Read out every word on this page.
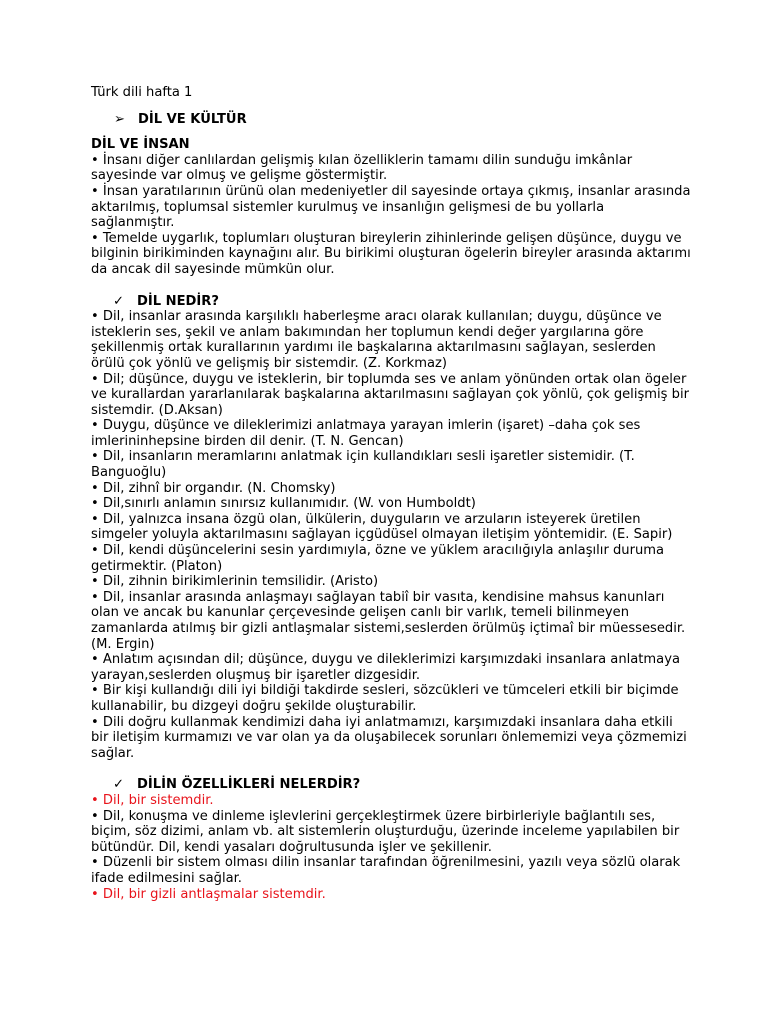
Türk dili hafta 1

➢ DİL VE KÜLTÜR

DİL VE İNSAN

• İnsanı diğer canlılardan gelişmiş kılan özelliklerin tamamı dilin sunduğu imkânlar sayesinde var olmuş ve gelişme göstermiştir.

• İnsan yaratılarının ürünü olan medeniyetler dil sayesinde ortaya çıkmış, insanlar arasında aktarılmış, toplumsal sistemler kurulmuş ve insanlığın gelişmesi de bu yollarla sağlanmıştır.

• Temelde uygarlık, toplumları oluşturan bireylerin zihinlerinde gelişen düşünce, duygu ve bilginin birikiminden kaynağını alır. Bu birikimi oluşturan ögelerin bireyler arasında aktarımı da ancak dil sayesinde mümkün olur.

✓ DİL NEDİR?

• Dil, insanlar arasında karşılıklı haberleşme aracı olarak kullanılan; duygu, düşünce ve isteklerin ses, şekil ve anlam bakımından her toplumun kendi değer yargılarına göre şekillenmiş ortak kurallarının yardımı ile başkalarına aktarılmasını sağlayan, seslerden örülü çok yönlü ve gelişmiş bir sistemdir. (Z. Korkmaz)

• Dil; düşünce, duygu ve isteklerin, bir toplumda ses ve anlam yönünden ortak olan ögeler ve kurallardan yararlanılarak başkalarına aktarılmasını sağlayan çok yönlü, çok gelişmiş bir sistemdir. (D.Aksan)

• Duygu, düşünce ve dileklerimizi anlatmaya yarayan imlerin (işaret) –daha çok ses imlerininhepsine birden dil denir. (T. N. Gencan)

• Dil, insanların meramlarını anlatmak için kullandıkları sesli işaretler sistemidir. (T. Banguoğlu)

• Dil, zihnî bir organdır. (N. Chomsky)

• Dil,sınırlı anlamın sınırsız kullanımıdır. (W. von Humboldt)

• Dil, yalnızca insana özgü olan, ülkülerin, duyguların ve arzuların isteyerek üretilen simgeler yoluyla aktarılmasını sağlayan içgüdüsel olmayan iletişim yöntemidir. (E. Sapir)

• Dil, kendi düşüncelerini sesin yardımıyla, özne ve yüklem aracılığıyla anlaşılır duruma getirmektir. (Platon)

• Dil, zihnin birikimlerinin temsilidir. (Aristo)

• Dil, insanlar arasında anlaşmayı sağlayan tabiî bir vasıta, kendisine mahsus kanunları olan ve ancak bu kanunlar çerçevesinde gelişen canlı bir varlık, temeli bilinmeyen zamanlarda atılmış bir gizli antlaşmalar sistemi,seslerden örülmüş içtimaî bir müessesedir. (M. Ergin)

• Anlatım açısından dil; düşünce, duygu ve dileklerimizi karşımızdaki insanlara anlatmaya yarayan,seslerden oluşmuş bir işaretler dizgesidir.

• Bir kişi kullandığı dili iyi bildiği takdirde sesleri, sözcükleri ve tümceleri etkili bir biçimde kullanabilir, bu dizgeyi doğru şekilde oluşturabilir.

• Dili doğru kullanmak kendimizi daha iyi anlatmamızı, karşımızdaki insanlara daha etkili bir iletişim kurmamızı ve var olan ya da oluşabilecek sorunları önlememizi veya çözmemizi sağlar.

✓ DİLİN ÖZELLİKLERİ NELERDİR?

• Dil, bir sistemdir.

• Dil, konuşma ve dinleme işlevlerini gerçekleştirmek üzere birbirleriyle bağlantılı ses, biçim, söz dizimi, anlam vb. alt sistemlerin oluşturduğu, üzerinde inceleme yapılabilen bir bütündür. Dil, kendi yasaları doğrultusunda işler ve şekillenir.

• Düzenli bir sistem olması dilin insanlar tarafından öğrenilmesini, yazılı veya sözlü olarak ifade edilmesini sağlar.

• Dil, bir gizli antlaşmalar sistemdir.
